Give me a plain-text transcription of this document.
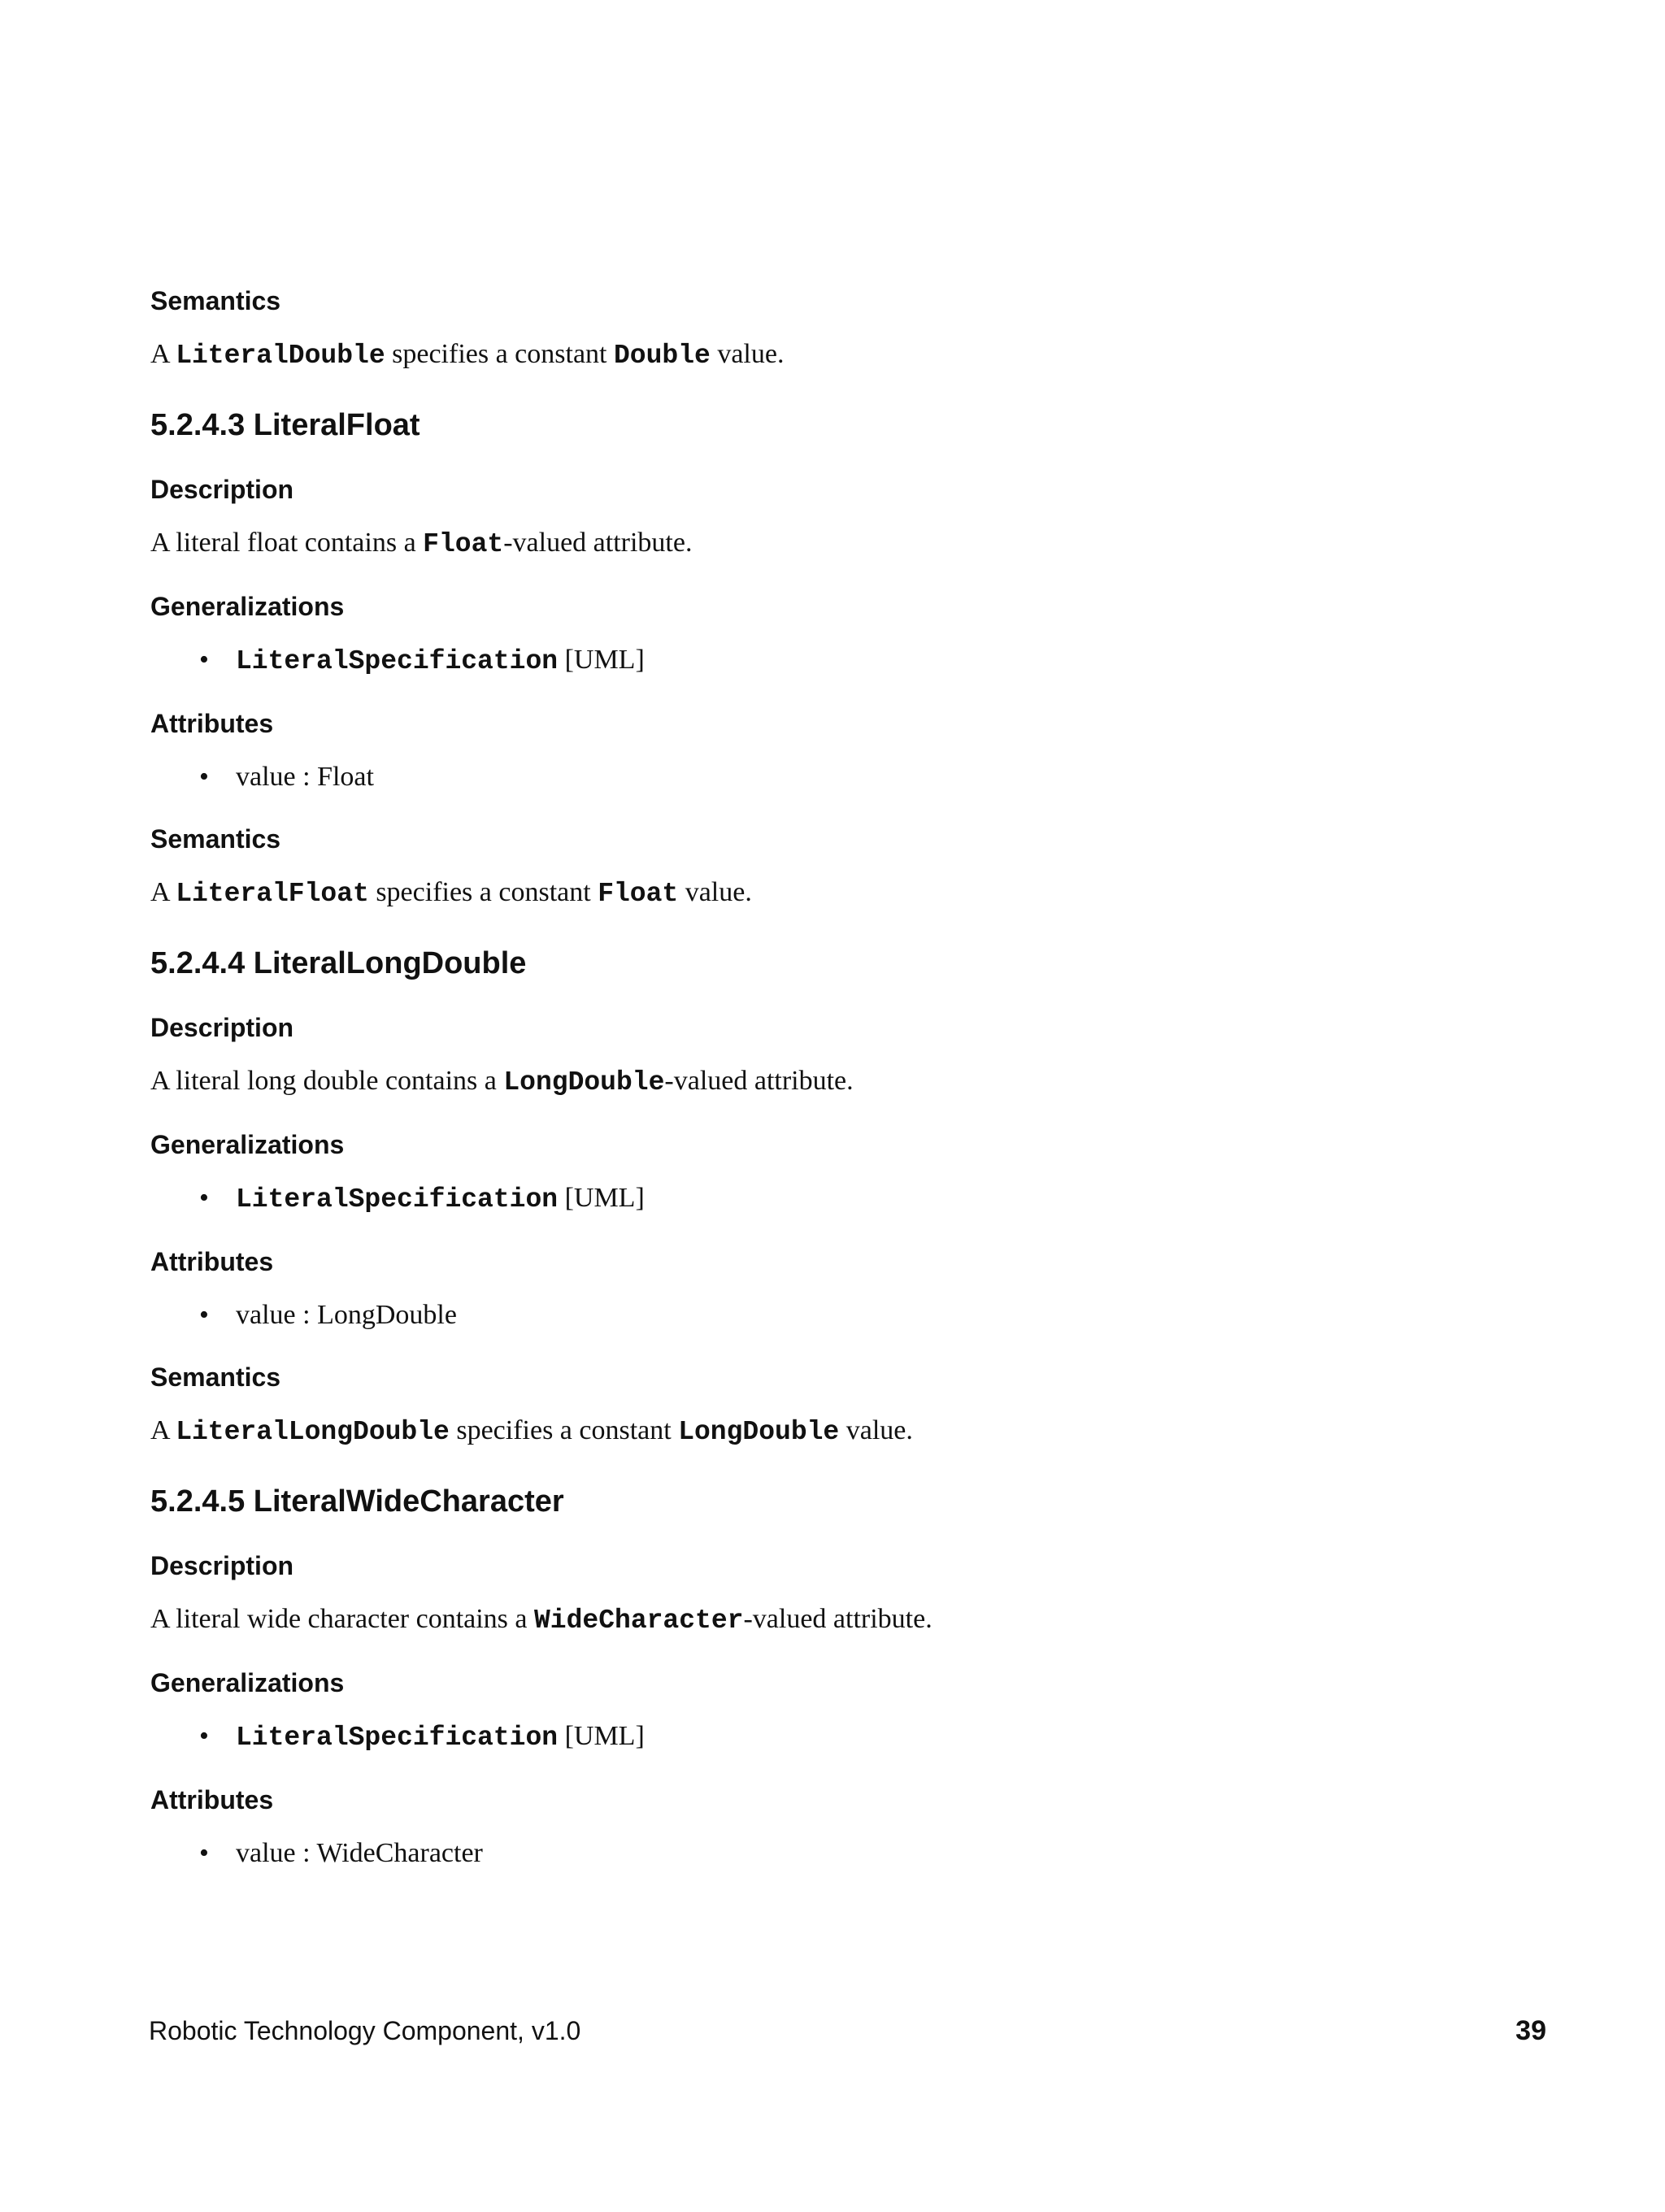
Semantics

A LiteralDouble specifies a constant Double value.

5.2.4.3 LiteralFloat
Description

A literal float contains a Float-valued attribute.

Generalizations
• LiteralSpecification [UML]
Attributes
• value : Float
Semantics

A LiteralFloat specifies a constant Float value.

5.2.4.4 LiteralLongDouble
Description

A literal long double contains a LongDouble-valued attribute.

Generalizations
• LiteralSpecification [UML]
Attributes
• value : LongDouble
Semantics

A LiteralLongDouble specifies a constant LongDouble value.

5.2.4.5 LiteralWideCharacter
Description

A literal wide character contains a WideCharacter-valued attribute.

Generalizations
• LiteralSpecification [UML]
Attributes
• value : WideCharacter
Robotic Technology Component, v1.0	39
